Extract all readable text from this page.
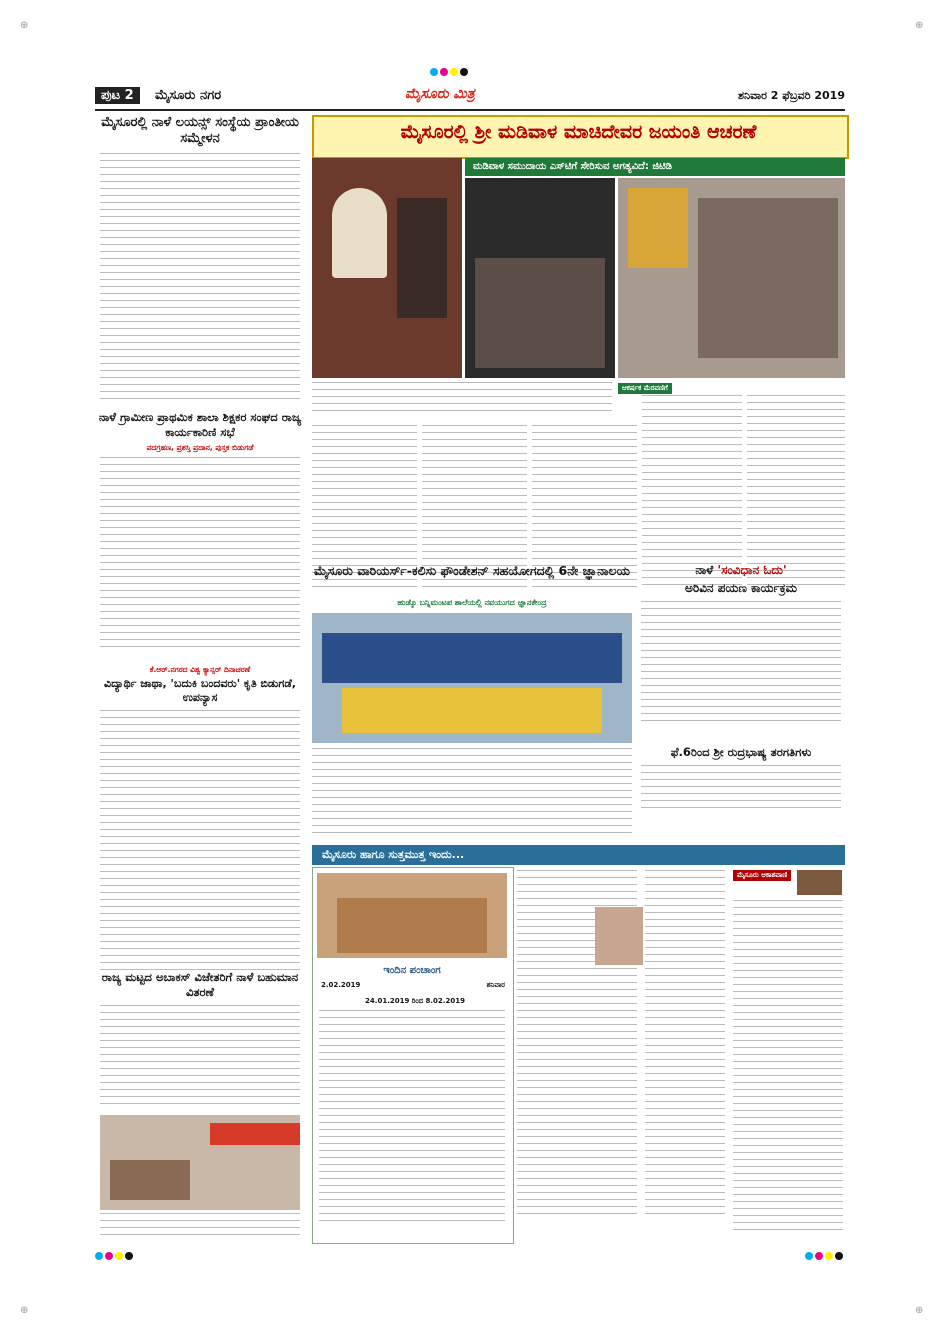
⊕	⊕
⊕	⊕
ಪುಟ 2	ಮೈಸೂರು ನಗರ	ಮೈಸೂರು ಮಿತ್ರ	ಶನಿವಾರ 2 ಫೆಬ್ರವರಿ 2019
ಮೈಸೂರಲ್ಲಿ ನಾಳೆ ಲಯನ್ಸ್ ಸಂಸ್ಥೆಯ ಪ್ರಾಂತೀಯ ಸಮ್ಮೇಳನ
ನಾಳೆ ಗ್ರಾಮೀಣ ಪ್ರಾಥಮಿಕ ಶಾಲಾ ಶಿಕ್ಷಕರ ಸಂಘದ ರಾಜ್ಯ ಕಾರ್ಯಕಾರಿಣಿ ಸಭೆ
ಪದಗ್ರಹಣ, ಪ್ರಶಸ್ತಿ ಪ್ರದಾನ, ಪುಸ್ತಕ ಬಿಡುಗಡೆ
ಕೆ.ಆರ್.ನಗರದ ವಿಶ್ವ ಕ್ಯಾನ್ಸರ್ ದಿನಾಚರಣೆ
ವಿದ್ಯಾರ್ಥಿ ಜಾಥಾ, 'ಬದುಕಿ ಬಂದವರು' ಕೃತಿ ಬಿಡುಗಡೆ, ಉಪನ್ಯಾಸ
ರಾಜ್ಯ ಮಟ್ಟದ ಅಬಾಕಸ್ ವಿಜೇತರಿಗೆ ನಾಳೆ ಬಹುಮಾನ ವಿತರಣೆ
ಮೈಸೂರಲ್ಲಿ ಶ್ರೀ ಮಡಿವಾಳ ಮಾಚಿದೇವರ ಜಯಂತಿ ಆಚರಣೆ
ಮಡಿವಾಳ ಸಮುದಾಯ ಎಸ್‌ಟಿಗೆ ಸೇರಿಸುವ ಅಗತ್ಯವಿದೆ: ಜಿಟಿಡಿ
ಆಕರ್ಷಕ ಮೆರವಣಿಗೆ
ಮೈಸೂರು ವಾರಿಯರ್ಸ್-ಕಲಿಸು ಫೌಂಡೇಶನ್ ಸಹಯೋಗದಲ್ಲಿ 6ನೇ ಜ್ಞಾನಾಲಯ
ಹುಡ್ಕೊ ಬನ್ನಿಮಂಟಪ ಶಾಲೆಯಲ್ಲಿ ನವಯುಗದ ಜ್ಞಾನಕೇಂದ್ರ
ನಾಳೆ 'ಸಂವಿಧಾನ ಓದು'
ಅರಿವಿನ ಪಯಣ ಕಾರ್ಯಕ್ರಮ
ಫೆ.6ರಿಂದ ಶ್ರೀ ರುದ್ರಭಾಷ್ಯ ತರಗತಿಗಳು
ಮೈಸೂರು ಹಾಗೂ ಸುತ್ತಮುತ್ತ ಇಂದು...
ಇಂದಿನ ಪಂಚಾಂಗ
2.02.2019	ಶನಿವಾರ
24.01.2019 ರಿಂದ 8.02.2019
ಮೈಸೂರು ಆಕಾಶವಾಣಿ
